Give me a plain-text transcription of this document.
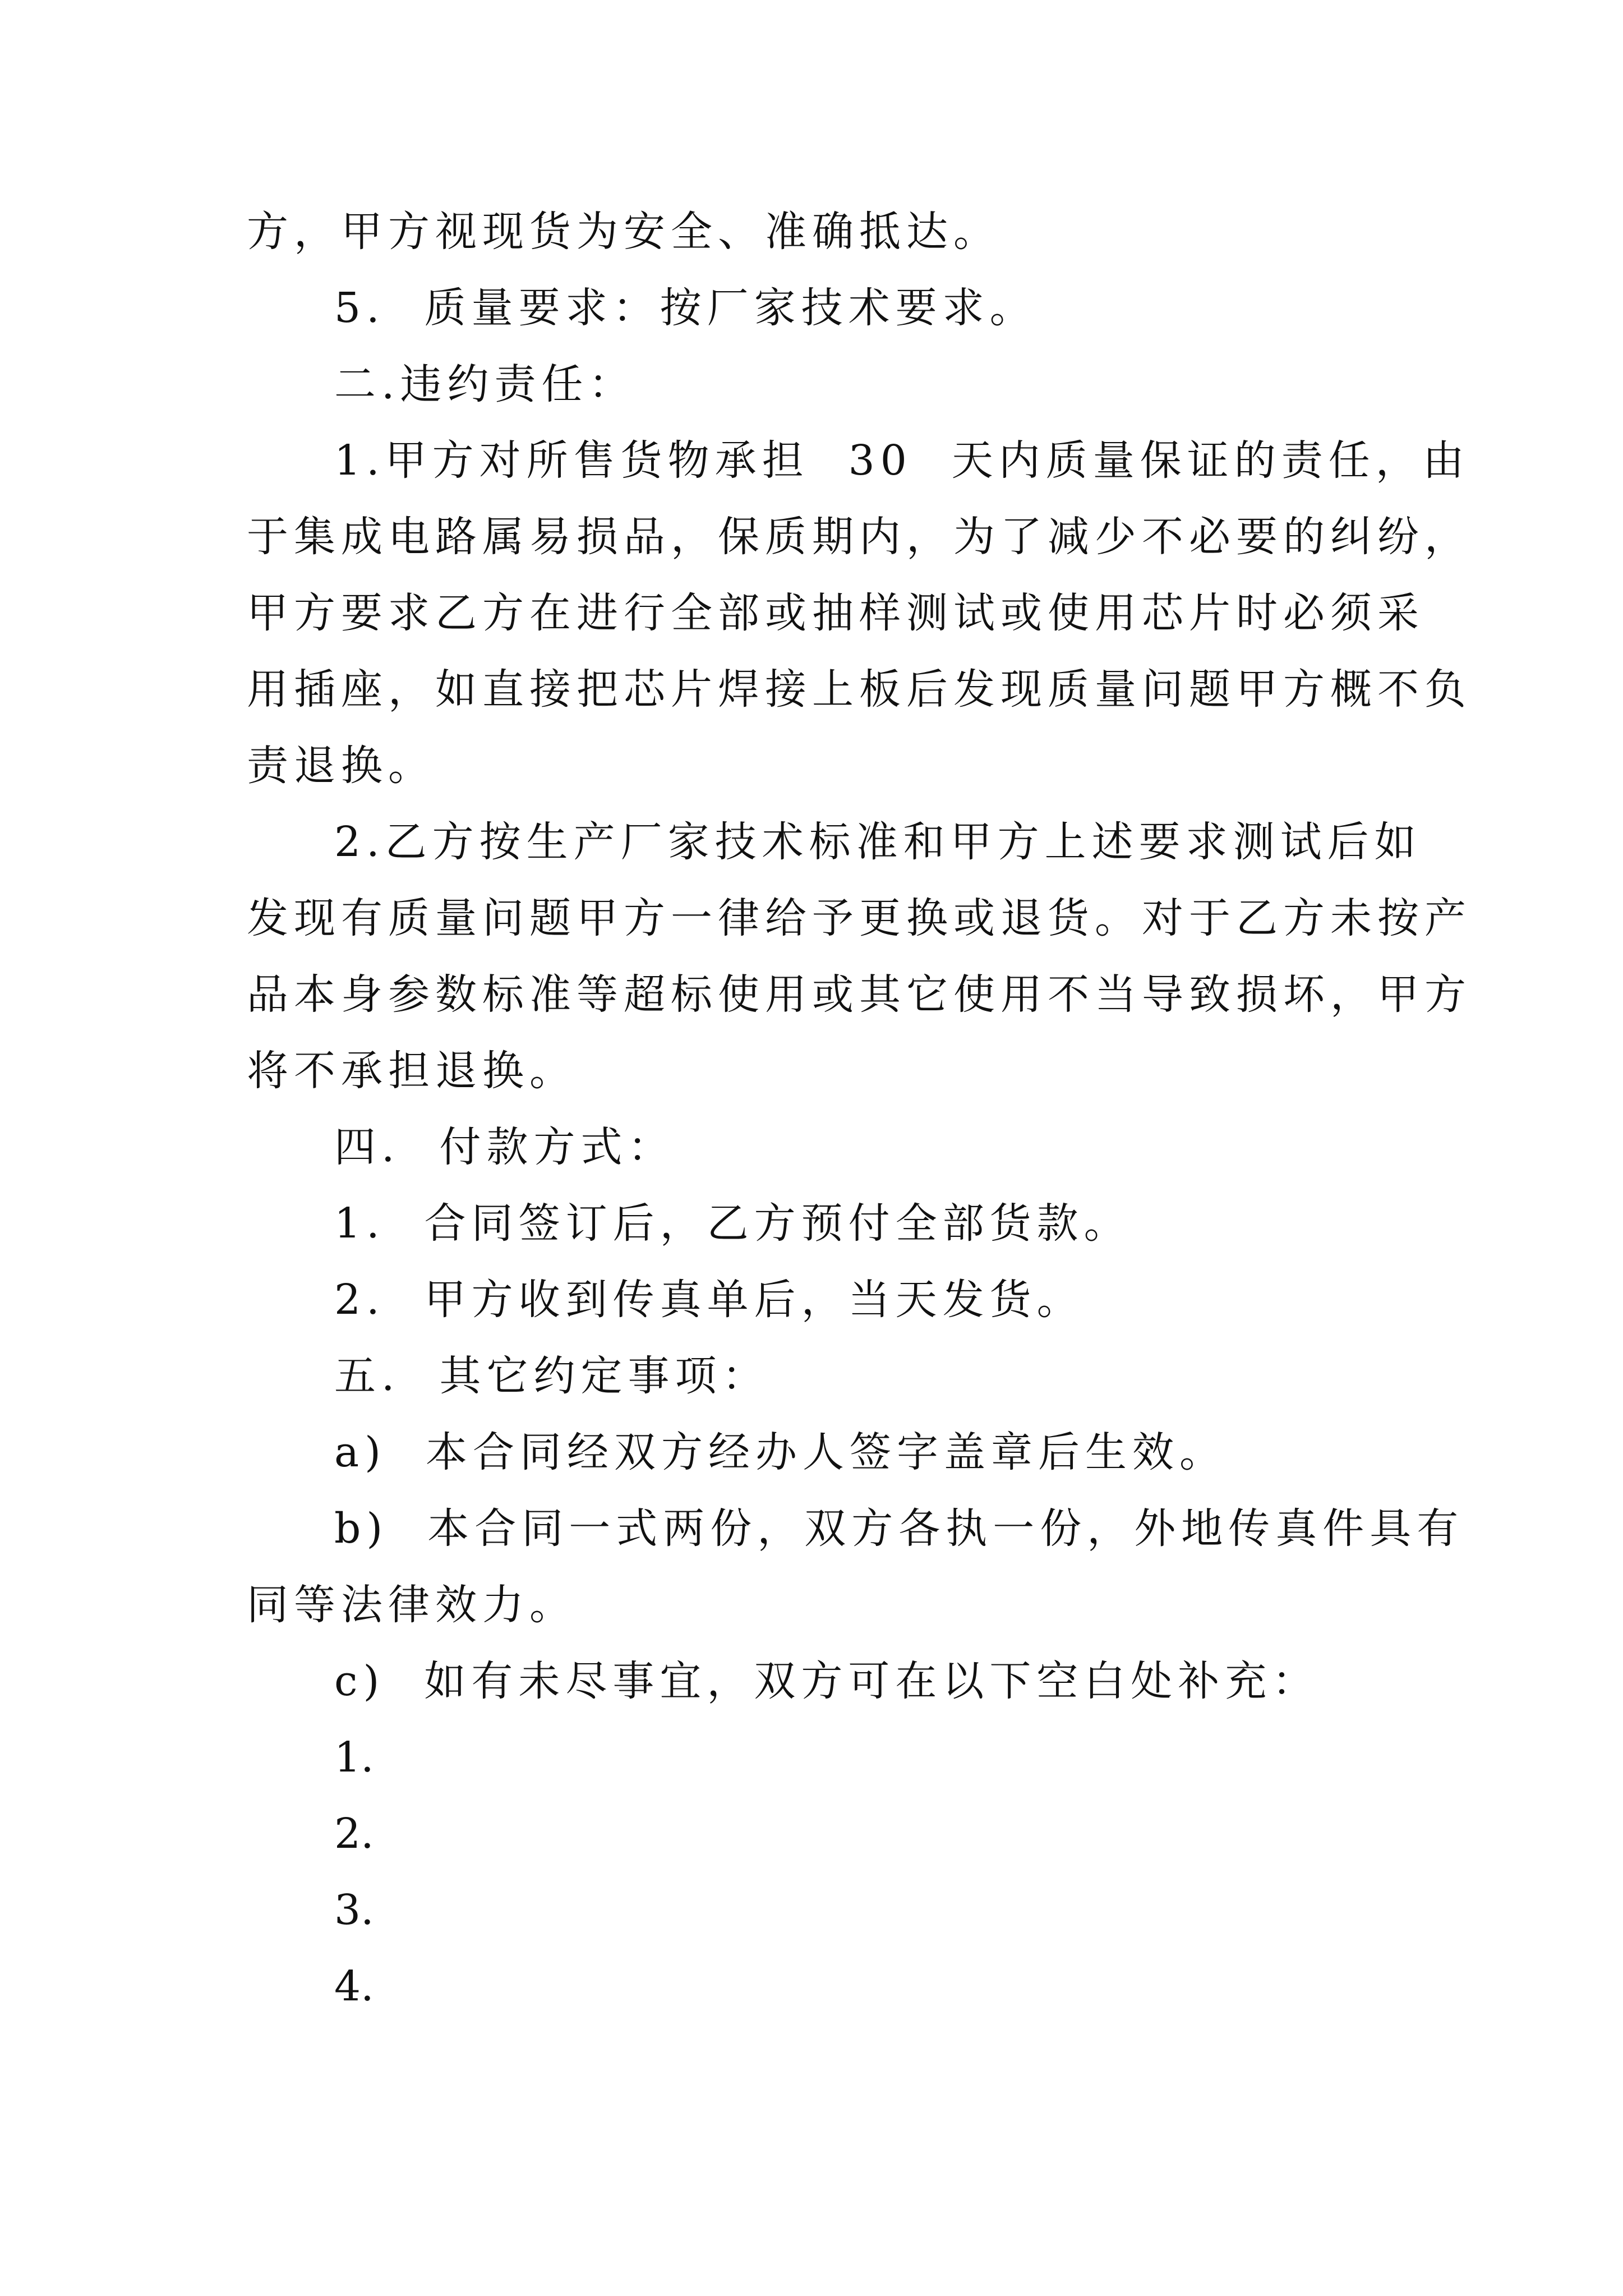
方，甲方视现货为安全、准确抵达。
5. 质量要求：按厂家技术要求。
二.违约责任：
1.甲方对所售货物承担 30 天内质量保证的责任，由
于集成电路属易损品，保质期内，为了减少不必要的纠纷，
甲方要求乙方在进行全部或抽样测试或使用芯片时必须采
用插座，如直接把芯片焊接上板后发现质量问题甲方概不负
责退换。
2.乙方按生产厂家技术标准和甲方上述要求测试后如
发现有质量问题甲方一律给予更换或退货。对于乙方未按产
品本身参数标准等超标使用或其它使用不当导致损坏，甲方
将不承担退换。
四. 付款方式：
1. 合同签订后，乙方预付全部货款。
2. 甲方收到传真单后，当天发货。
五. 其它约定事项：
a) 本合同经双方经办人签字盖章后生效。
b) 本合同一式两份，双方各执一份，外地传真件具有
同等法律效力。
c) 如有未尽事宜，双方可在以下空白处补充：
1.
2.
3.
4.
